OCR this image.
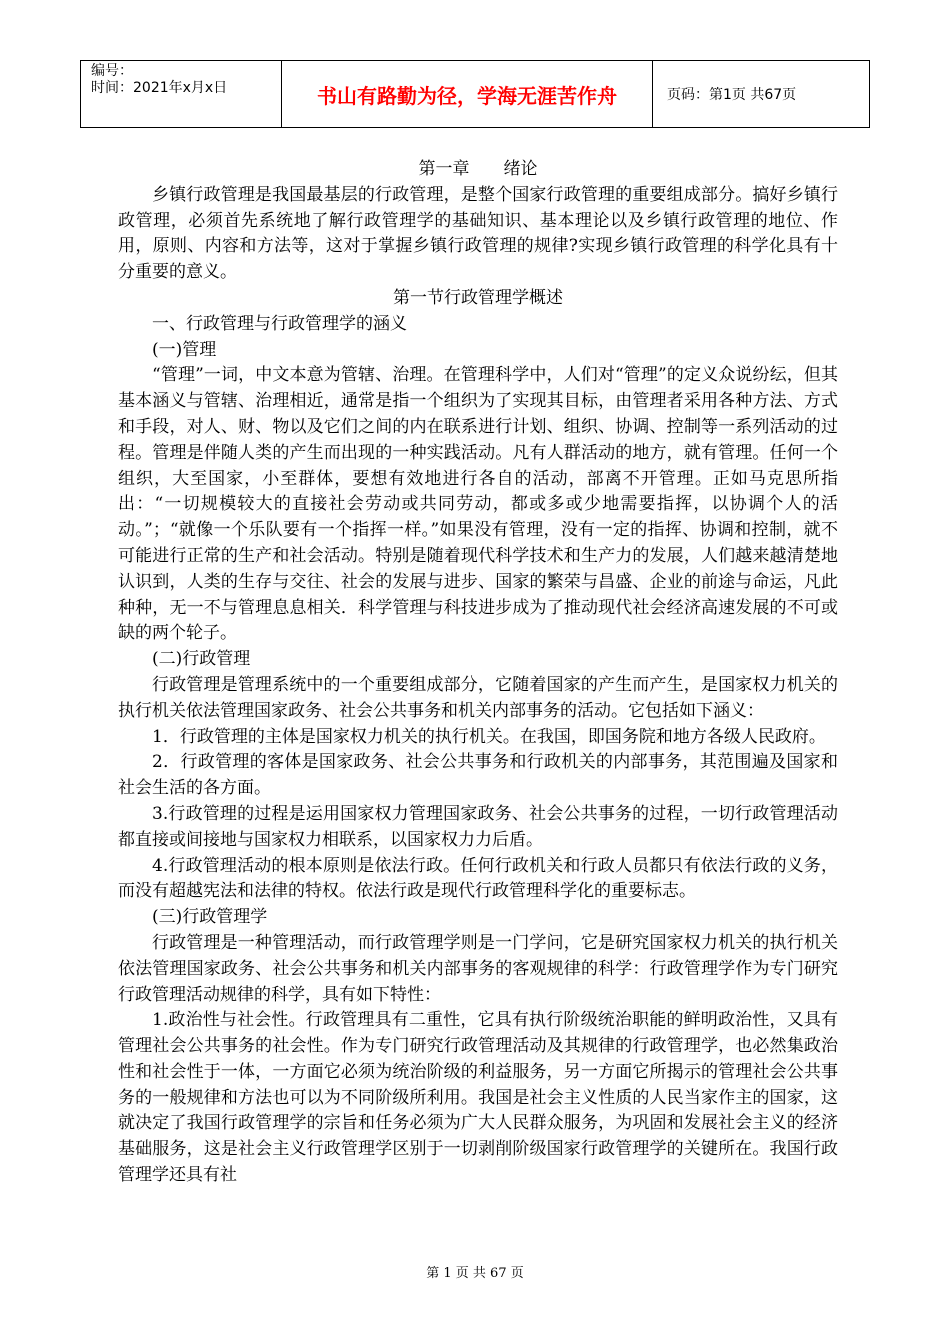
编号：
时间：2021年x月x日	书山有路勤为径，学海无涯苦作舟	页码：第1页 共67页

第一章　　绪论

乡镇行政管理是我国最基层的行政管理，是整个国家行政管理的重要组成部分。搞好乡镇行政管理，必须首先系统地了解行政管理学的基础知识、基本理论以及乡镇行政管理的地位、作用，原则、内容和方法等，这对于掌握乡镇行政管理的规律?实现乡镇行政管理的科学化具有十分重要的意义。

第一节行政管理学概述

一、行政管理与行政管理学的涵义

(一)管理

“管理”一词，中文本意为管辖、治理。在管理科学中，人们对“管理”的定义众说纷纭，但其基本涵义与管辖、治理相近，通常是指一个组织为了实现其目标，由管理者采用各种方法、方式和手段，对人、财、物以及它们之间的内在联系进行计划、组织、协调、控制等一系列活动的过程。管理是伴随人类的产生而出现的一种实践活动。凡有人群活动的地方，就有管理。任何一个组织，大至国家，小至群体，要想有效地进行各自的活动，部离不开管理。正如马克思所指出：“一切规模较大的直接社会劳动或共同劳动，都或多或少地需要指挥，以协调个人的活动。”；“就像一个乐队要有一个指挥一样。”如果没有管理，没有一定的指挥、协调和控制，就不可能进行正常的生产和社会活动。特别是随着现代科学技术和生产力的发展，人们越来越清楚地认识到，人类的生存与交往、社会的发展与进步、国家的繁荣与昌盛、企业的前途与命运，凡此种种，无一不与管理息息相关．科学管理与科技进步成为了推动现代社会经济高速发展的不可或缺的两个轮子。

(二)行政管理

行政管理是管理系统中的一个重要组成部分，它随着国家的产生而产生，是国家权力机关的执行机关依法管理国家政务、社会公共事务和机关内部事务的活动。它包括如下涵义：

1．行政管理的主体是国家权力机关的执行机关。在我国，即国务院和地方各级人民政府。

2．行政管理的客体是国家政务、社会公共事务和行政机关的内部事务，其范围遍及国家和社会生活的各方面。

3.行政管理的过程是运用国家权力管理国家政务、社会公共事务的过程，一切行政管理活动都直接或间接地与国家权力相联系，以国家权力力后盾。

4.行政管理活动的根本原则是依法行政。任何行政机关和行政人员都只有依法行政的义务，而没有超越宪法和法律的特权。依法行政是现代行政管理科学化的重要标志。

(三)行政管理学

行政管理是一种管理活动，而行政管理学则是一门学问，它是研究国家权力机关的执行机关依法管理国家政务、社会公共事务和机关内部事务的客观规律的科学：行政管理学作为专门研究行政管理活动规律的科学，具有如下特性：

1.政治性与社会性。行政管理具有二重性，它具有执行阶级统治职能的鲜明政治性，又具有管理社会公共事务的社会性。作为专门研究行政管理活动及其规律的行政管理学，也必然集政治性和社会性于一体，一方面它必须为统治阶级的利益服务，另一方面它所揭示的管理社会公共事务的一般规律和方法也可以为不同阶级所利用。我国是社会主义性质的人民当家作主的国家，这就决定了我国行政管理学的宗旨和任务必须为广大人民群众服务，为巩固和发展社会主义的经济基础服务，这是社会主义行政管理学区别于一切剥削阶级国家行政管理学的关键所在。我国行政管理学还具有社

第 1 页 共 67 页
